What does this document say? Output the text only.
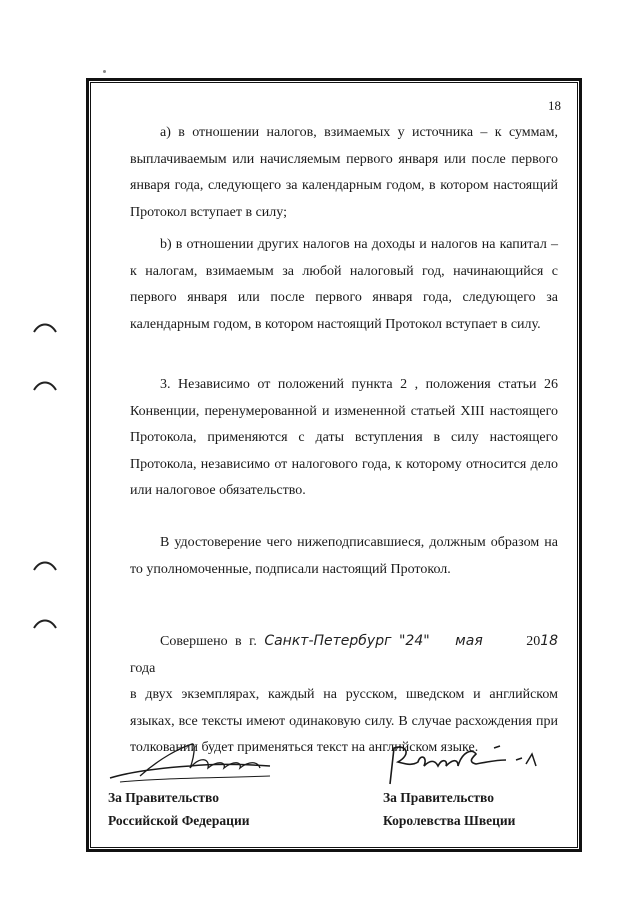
18
а) в отношении налогов, взимаемых у источника – к суммам, выплачиваемым или начисляемым первого января или после первого января года, следующего за календарным годом, в котором настоящий Протокол вступает в силу;
b) в отношении других налогов на доходы и налогов на капитал – к налогам, взимаемым за любой налоговый год, начинающийся с первого января или после первого января года, следующего за календарным годом, в котором настоящий Протокол вступает в силу.
3. Независимо от положений пункта 2 , положения статьи 26 Конвенции, перенумерованной и измененной статьей XIII настоящего Протокола, применяются с даты вступления в силу настоящего Протокола, независимо от налогового года, к которому относится дело или налоговое обязательство.
В удостоверение чего нижеподписавшиеся, должным образом на то уполномоченные, подписали настоящий Протокол.
Совершено в г. Санкт-Петербург "24" мая	2018 года
в двух экземплярах, каждый на русском, шведском и английском языках, все тексты имеют одинаковую силу. В случае расхождения при толковании будет применяться текст на английском языке.
За Правительство
Российской Федерации
За Правительство
Королевства Швеции
